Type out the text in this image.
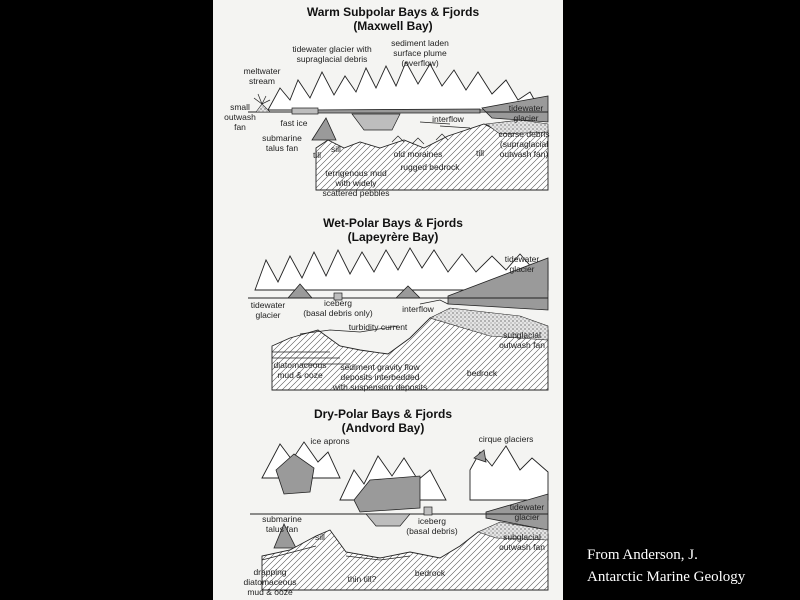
Warm Subpolar Bays & Fjords
(Maxwell Bay)
tidewater glacier with
supraglacial debris
sediment laden
surface plume
(overflow)
meltwater
stream
small
outwash
fan	fast ice
submarine
talus fan
interflow
tidewater
glacier
coarse debris
(supraglacial
outwash fan)
sill
till	old moraines	till
rugged bedrock
terrigenous mud
with widely
scattered pebbles
Wet-Polar Bays & Fjords
(Lapeyrère Bay)
tidewater
glacier
tidewater
glacier
iceberg
(basal debris only)	interflow
turbidity current
subglacial
outwash fan
diatomaceous
mud & ooze
sediment gravity flow
deposits interbedded
with suspension deposits
bedrock
Dry-Polar Bays & Fjords
(Andvord Bay)
ice aprons	cirque glaciers
tidewater
glacier
submarine
talus fan
iceberg
(basal debris)
sill	subglacial
outwash fan
drapping
diatomaceous
mud & ooze
thin till?
bedrock
From Anderson, J.
Antarctic Marine Geology
